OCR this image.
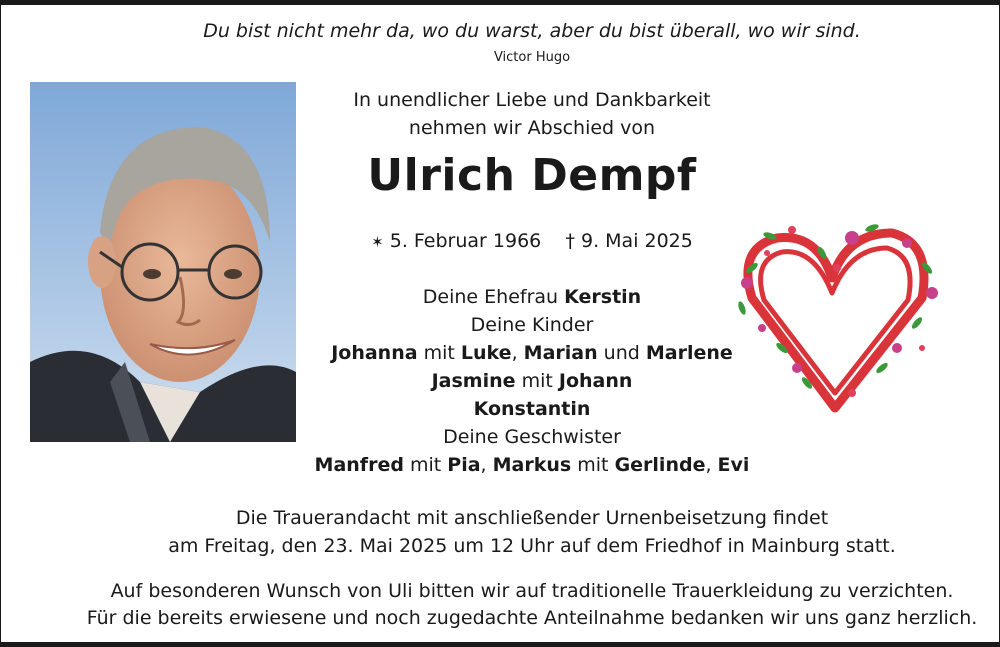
Du bist nicht mehr da, wo du warst, aber du bist überall, wo wir sind.
Victor Hugo
In unendlicher Liebe und Dankbarkeit
nehmen wir Abschied von
Ulrich Dempf
✶ 5. Februar 1966 † 9. Mai 2025
Deine Ehefrau Kerstin
Deine Kinder
Johanna mit Luke, Marian und Marlene
Jasmine mit Johann
Konstantin
Deine Geschwister
Manfred mit Pia, Markus mit Gerlinde, Evi
Die Trauerandacht mit anschließender Urnenbeisetzung findet
am Freitag, den 23. Mai 2025 um 12 Uhr auf dem Friedhof in Mainburg statt.
Auf besonderen Wunsch von Uli bitten wir auf traditionelle Trauerkleidung zu verzichten.
Für die bereits erwiesene und noch zugedachte Anteilnahme bedanken wir uns ganz herzlich.
